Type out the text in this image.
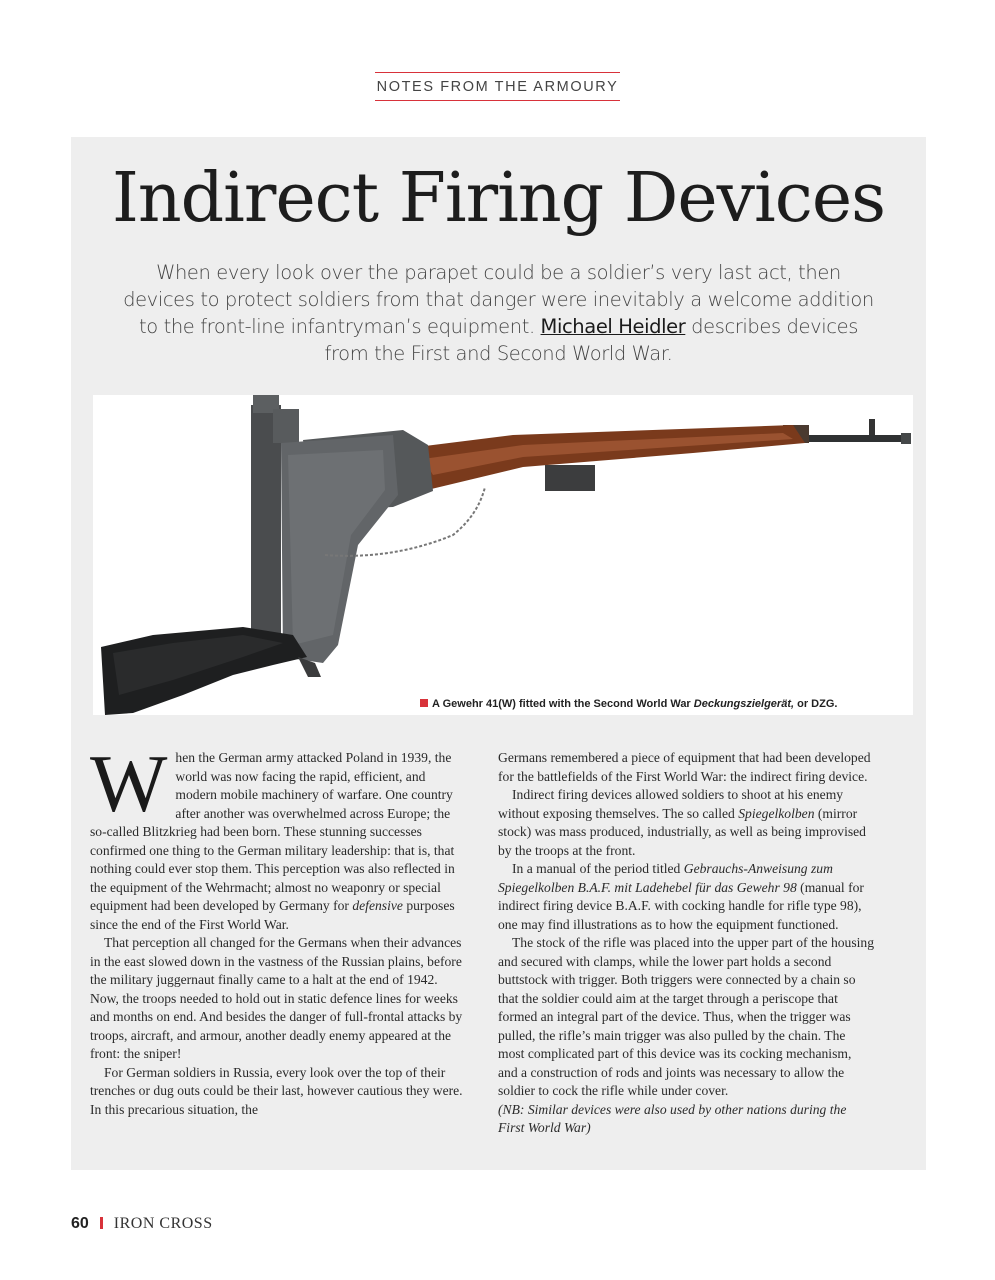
NOTES FROM THE ARMOURY
Indirect Firing Devices
When every look over the parapet could be a soldier’s very last act, then devices to protect soldiers from that danger were inevitably a welcome addition to the front-line infantryman’s equipment. Michael Heidler describes devices from the First and Second World War.
A Gewehr 41(W) fitted with the Second World War Deckungszielgerät, or DZG.

When the German army attacked Poland in 1939, the world was now facing the rapid, efficient, and modern mobile machinery of warfare. One country after another was overwhelmed across Europe; the so-called Blitzkrieg had been born. These stunning successes confirmed one thing to the German military leadership: that is, that nothing could ever stop them. This perception was also reflected in the equipment of the Wehrmacht; almost no weaponry or special equipment had been developed by Germany for defensive purposes since the end of the First World War.

That perception all changed for the Germans when their advances in the east slowed down in the vastness of the Russian plains, before the military juggernaut finally came to a halt at the end of 1942. Now, the troops needed to hold out in static defence lines for weeks and months on end. And besides the danger of full-frontal attacks by troops, aircraft, and armour, another deadly enemy appeared at the front: the sniper!

For German soldiers in Russia, every look over the top of their trenches or dug outs could be their last, however cautious they were. In this precarious situation, the

Germans remembered a piece of equipment that had been developed for the battlefields of the First World War: the indirect firing device.

Indirect firing devices allowed soldiers to shoot at his enemy without exposing themselves. The so called Spiegelkolben (mirror stock) was mass produced, industrially, as well as being improvised by the troops at the front.

In a manual of the period titled Gebrauchs-Anweisung zum Spiegelkolben B.A.F. mit Ladehebel für das Gewehr 98 (manual for indirect firing device B.A.F. with cocking handle for rifle type 98), one may find illustrations as to how the equipment functioned.

The stock of the rifle was placed into the upper part of the housing and secured with clamps, while the lower part holds a second buttstock with trigger. Both triggers were connected by a chain so that the soldier could aim at the target through a periscope that formed an integral part of the device. Thus, when the trigger was pulled, the rifle’s main trigger was also pulled by the chain. The most complicated part of this device was its cocking mechanism, and a construction of rods and joints was necessary to allow the soldier to cock the rifle while under cover.

(NB: Similar devices were also used by other nations during the First World War)

60 IRON CROSS
